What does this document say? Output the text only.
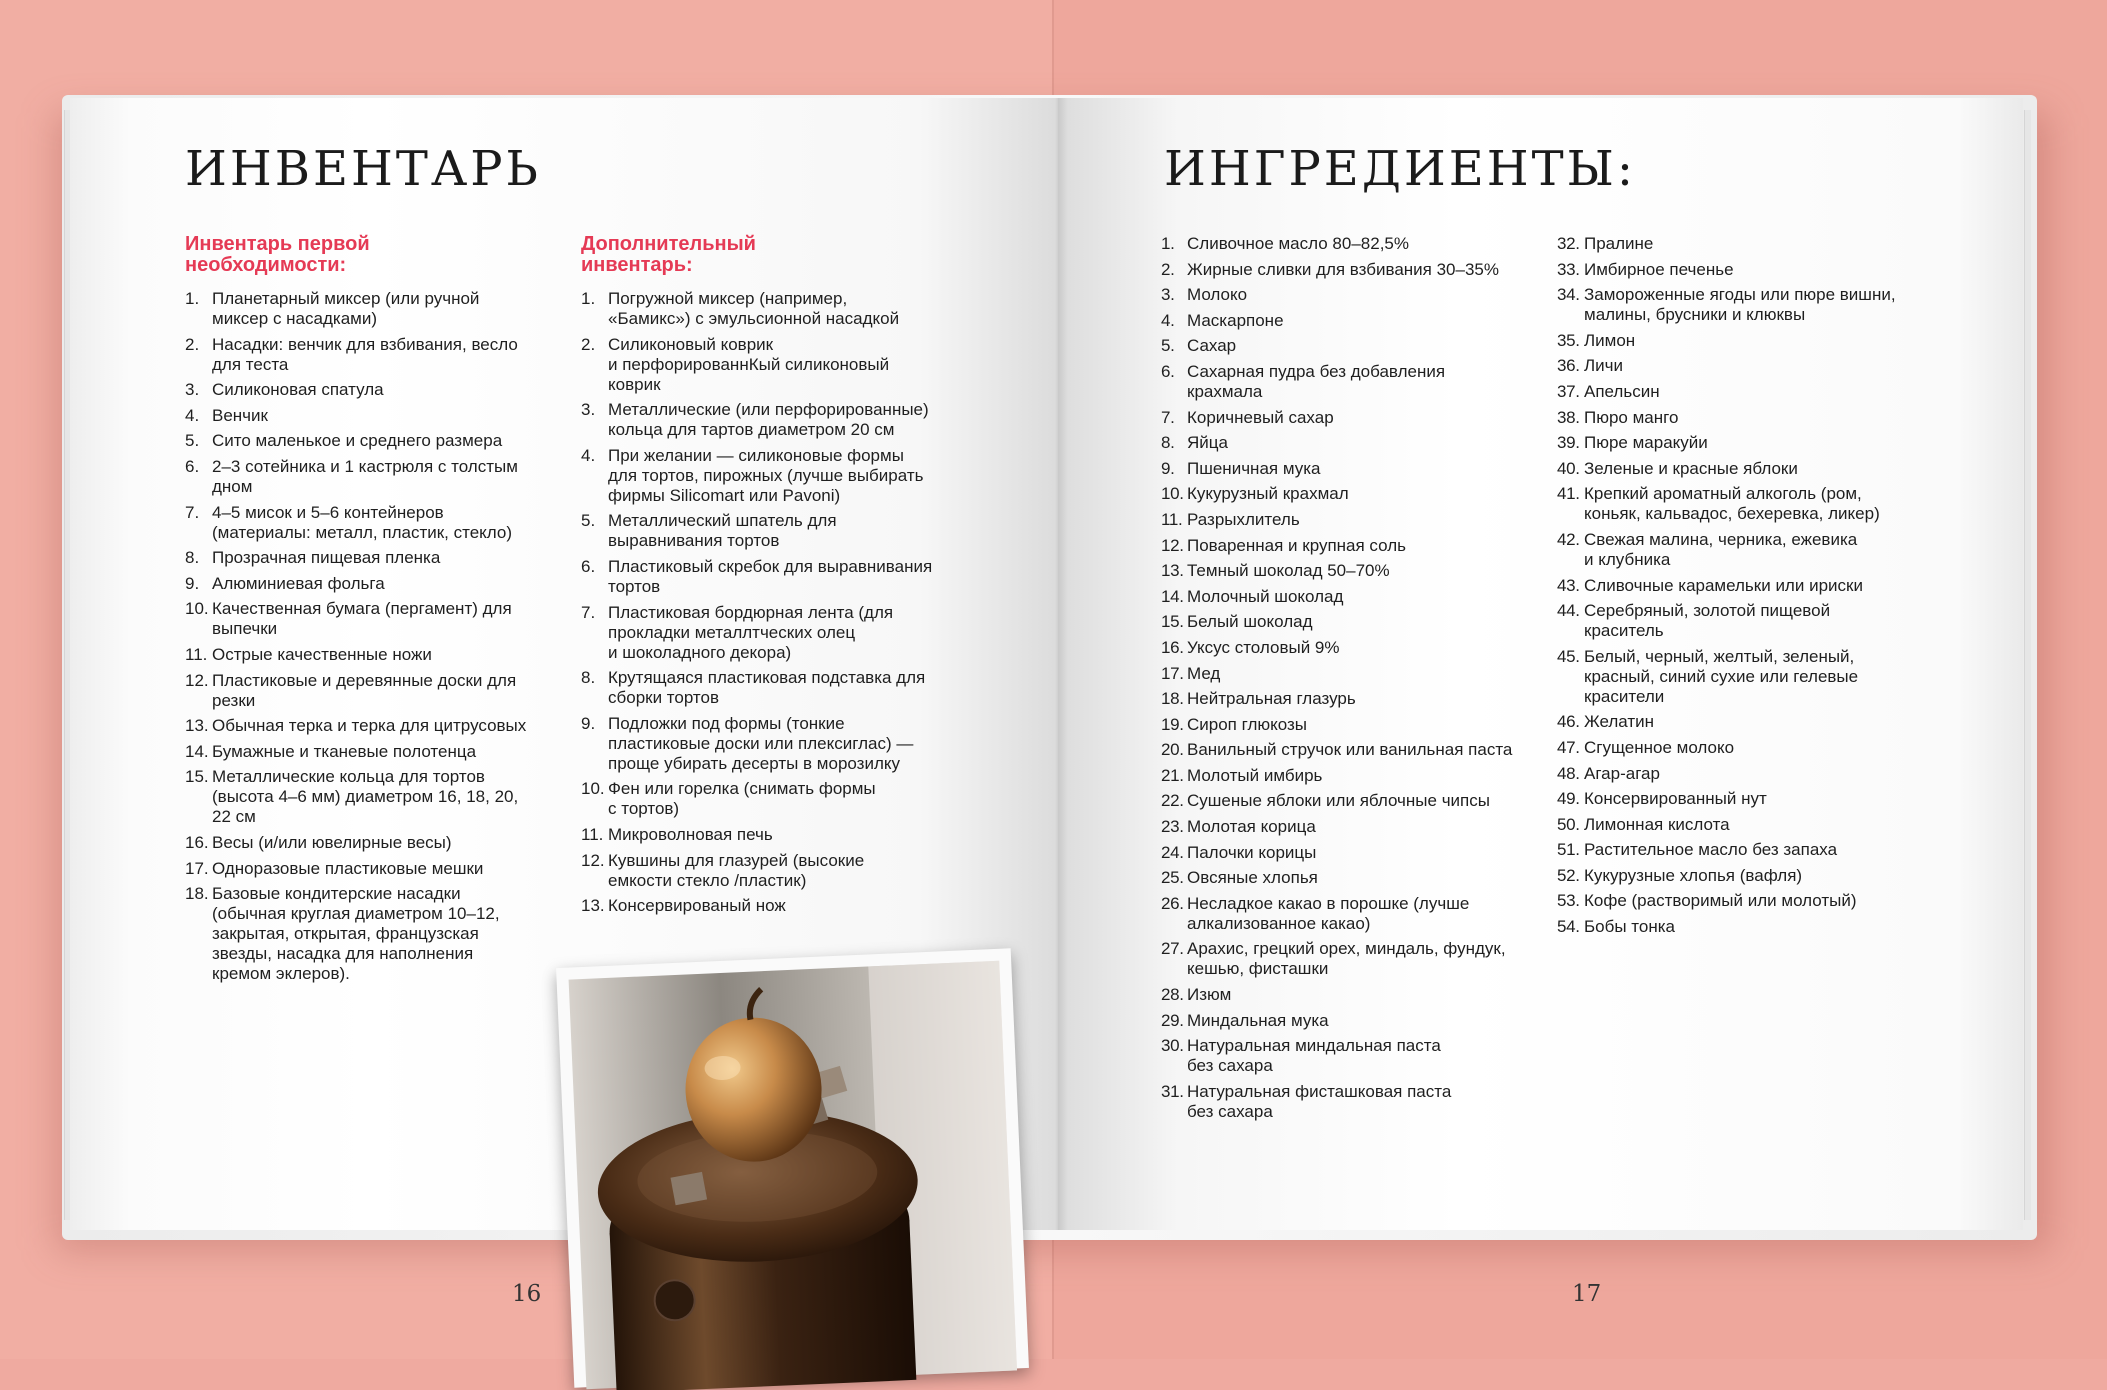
ИНВЕНТАРЬ
Инвентарь первой необходимости:
1. Планетарный миксер (или ручной
миксер с насадками)
2. Насадки: венчик для взбивания, весло
для теста
3. Силиконовая спатула
4. Венчик
5. Сито маленькое и среднего размера
6. 2–3 сотейника и 1 кастрюля с толстым
дном
7. 4–5 мисок и 5–6 контейнеров
(материалы: металл, пластик, стекло)
8. Прозрачная пищевая пленка
9. Алюминиевая фольга
10. Качественная бумага (пергамент) для
выпечки
11. Острые качественные ножи
12. Пластиковые и деревянные доски для
резки
13. Обычная терка и терка для цитрусовых
14. Бумажные и тканевые полотенца
15. Металлические кольца для тортов
(высота 4–6 мм) диаметром 16, 18, 20,
22 см
16. Весы (и/или ювелирные весы)
17. Одноразовые пластиковые мешки
18. Базовые кондитерские насадки
(обычная круглая диаметром 10–12,
закрытая, открытая, французская
звезды, насадка для наполнения
кремом эклеров).
Дополнительный инвентарь:
1. Погружной миксер (например,
«Бамикс») с эмульсионной насадкой
2. Силиконовый коврик
и перфорированнКый силиконовый
коврик
3. Металлические (или перфорированные)
кольца для тартов диаметром 20 см
4. При желании — силиконовые формы
для тортов, пирожных (лучше выбирать
фирмы Silicomart или Pavoni)
5. Металлический шпатель для
выравнивания тортов
6. Пластиковый скребок для выравнивания
тортов
7. Пластиковая бордюрная лента (для
прокладки металлтческих олец
и шоколадного декора)
8. Крутящаяся пластиковая подставка для
сборки тортов
9. Подложки под формы (тонкие
пластиковые доски или плексиглас) —
проще убирать десерты в морозилку
10. Фен или горелка (снимать формы
с тортов)
11. Микроволновая печь
12. Кувшины для глазурей (высокие
емкости стекло /пластик)
13. Консервированый нож
16
ИНГРЕДИЕНТЫ:
1. Сливочное масло 80–82,5%
2. Жирные сливки для взбивания 30–35%
3. Молоко
4. Маскарпоне
5. Сахар
6. Сахарная пудра без добавления
крахмала
7. Коричневый сахар
8. Яйца
9. Пшеничная мука
10. Кукурузный крахмал
11. Разрыхлитель
12. Поваренная и крупная соль
13. Темный шоколад 50–70%
14. Молочный шоколад
15. Белый шоколад
16. Уксус столовый 9%
17. Мед
18. Нейтральная глазурь
19. Сироп глюкозы
20. Ванильный стручок или ванильная паста
21. Молотый имбирь
22. Сушеные яблоки или яблочные чипсы
23. Молотая корица
24. Палочки корицы
25. Овсяные хлопья
26. Несладкое какао в порошке (лучше
алкализованное какао)
27. Арахис, грецкий орех, миндаль, фундук,
кешью, фисташки
28. Изюм
29. Миндальная мука
30. Натуральная миндальная паста
без сахара
31. Натуральная фисташковая паста
без сахара
32. Пралине
33. Имбирное печенье
34. Замороженные ягоды или пюре вишни,
малины, брусники и клюквы
35. Лимон
36. Личи
37. Апельсин
38. Пюро манго
39. Пюре маракуйи
40. Зеленые и красные яблоки
41. Крепкий ароматный алкоголь (ром,
коньяк, кальвадос, бехеревка, ликер)
42. Свежая малина, черника, ежевика
и клубника
43. Сливочные карамельки или ириски
44. Серебряный, золотой пищевой
краситель
45. Белый, черный, желтый, зеленый,
красный, синий сухие или гелевые
красители
46. Желатин
47. Сгущенное молоко
48. Агар-агар
49. Консервированный нут
50. Лимонная кислота
51. Растительное масло без запаха
52. Кукурузные хлопья (вафля)
53. Кофе (растворимый или молотый)
54. Бобы тонка
17
